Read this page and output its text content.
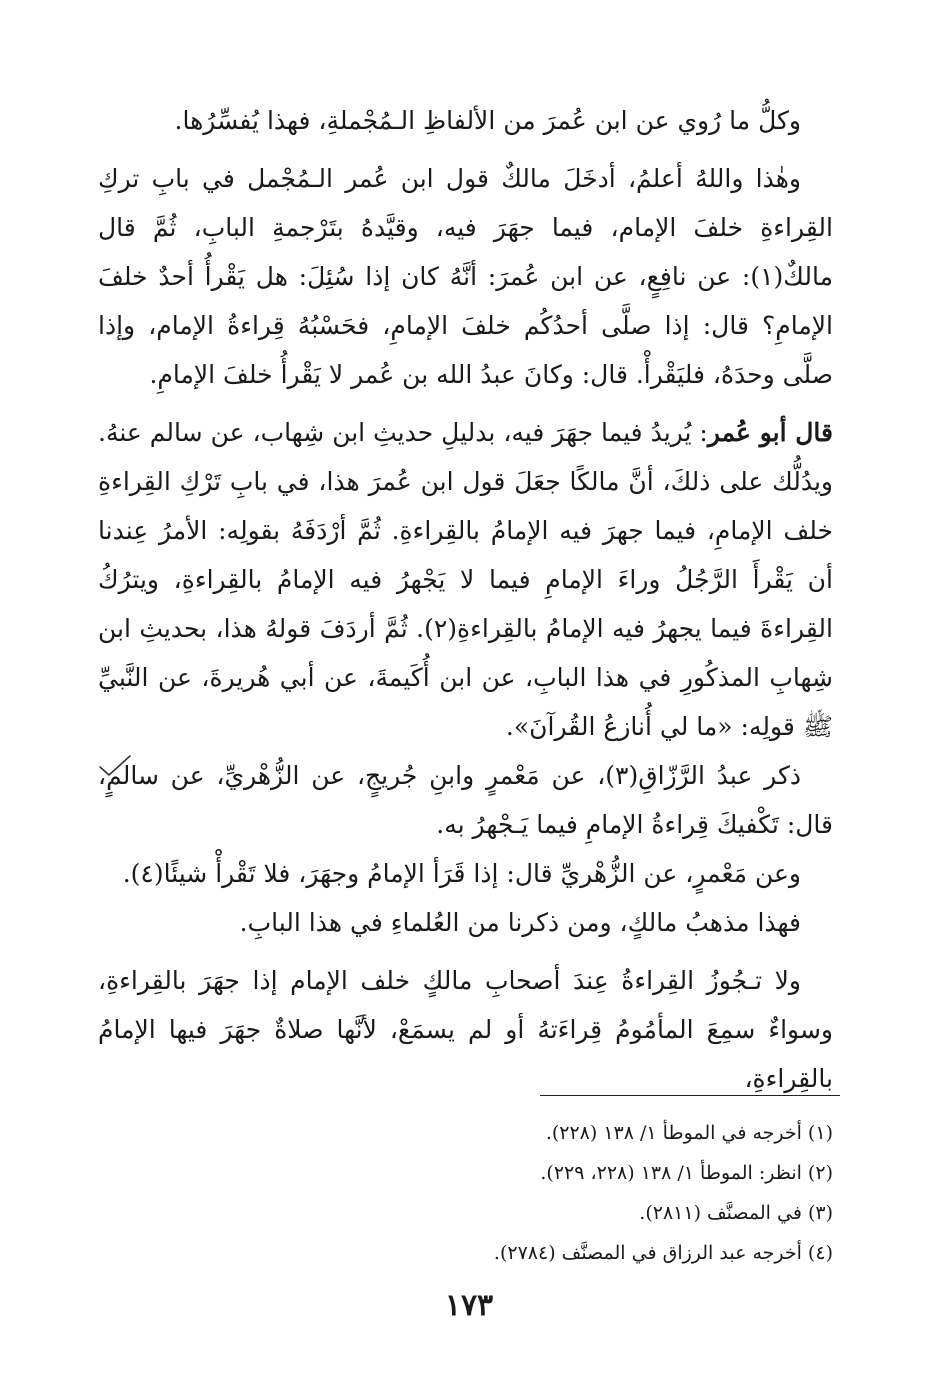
وكلُّ ما رُوي عن ابن عُمرَ من الألفاظِ الـمُجْملةِ، فهذا يُفسِّرُها.

وهٰذا واللهُ أعلمُ، أدخَلَ مالكٌ قول ابن عُمر الـمُجْمل في بابِ تركِ القِراءةِ خلفَ الإمام، فيما جهَرَ فيه، وقيَّدهُ بتَرْجمةِ البابِ، ثُمَّ قال مالكٌ(١): عن نافِعٍ، عن ابن عُمرَ: أنَّهُ كان إذا سُئِلَ: هل يَقْرأُ أحدٌ خلفَ الإمامِ؟ قال: إذا صلَّى أحدُكُم خلفَ الإمامِ، فحَسْبُهُ قِراءةُ الإمام، وإذا صلَّى وحدَهُ، فليَقْرأْ. قال: وكانَ عبدُ الله بن عُمر لا يَقْرأُ خلفَ الإمامِ.

قال أبو عُمر: يُريدُ فيما جهَرَ فيه، بدليلِ حديثِ ابن شِهاب، عن سالم عنهُ. ويدُلُّك على ذلكَ، أنَّ مالكًا جعَلَ قول ابن عُمرَ هذا، في بابِ تَرْكِ القِراءةِ خلف الإمامِ، فيما جهرَ فيه الإمامُ بالقِراءةِ. ثُمَّ أرْدَفَهُ بقولِه: الأمرُ عِندنا أن يَقْرأَ الرَّجُلُ وراءَ الإمامِ فيما لا يَجْهرُ فيه الإمامُ بالقِراءةِ، ويترُكُ القِراءةَ فيما يجهرُ فيه الإمامُ بالقِراءةِ(٢). ثُمَّ أردَفَ قولهُ هذا، بحديثِ ابن شِهابِ المذكُورِ في هذا البابِ، عن ابن أُكَيمةَ، عن أبي هُريرةَ، عن النَّبيِّ ﷺ قولِه: «ما لي أُنازعُ القُرآنَ».

ذكر عبدُ الرَّزّاقِ(٣)، عن مَعْمرٍ وابنِ جُريجٍ، عن الزُّهْريِّ، عن سالمٍ، قال: تَكْفيكَ قِراءةُ الإمامِ فيما يَـجْهرُ به.

وعن مَعْمرٍ، عن الزُّهْريِّ قال: إذا قَرَأ الإمامُ وجهَرَ، فلا تَقْرأْ شيئًا(٤).

فهذا مذهبُ مالكٍ، ومن ذكرنا من العُلماءِ في هذا البابِ.

ولا تـجُوزُ القِراءةُ عِندَ أصحابِ مالكٍ خلف الإمام إذا جهَرَ بالقِراءةِ، وسواءٌ سمِعَ المأمُومُ قِراءَتهُ أو لم يسمَعْ، لأنَّها صلاةٌ جهَرَ فيها الإمامُ بالقِراءةِ،

(١) أخرجه في الموطأ ١/ ١٣٨ (٢٢٨).

(٢) انظر: الموطأ ١/ ١٣٨ (٢٢٨، ٢٢٩).

(٣) في المصنَّف (٢٨١١).

(٤) أخرجه عبد الرزاق في المصنَّف (٢٧٨٤).

١٧٣
